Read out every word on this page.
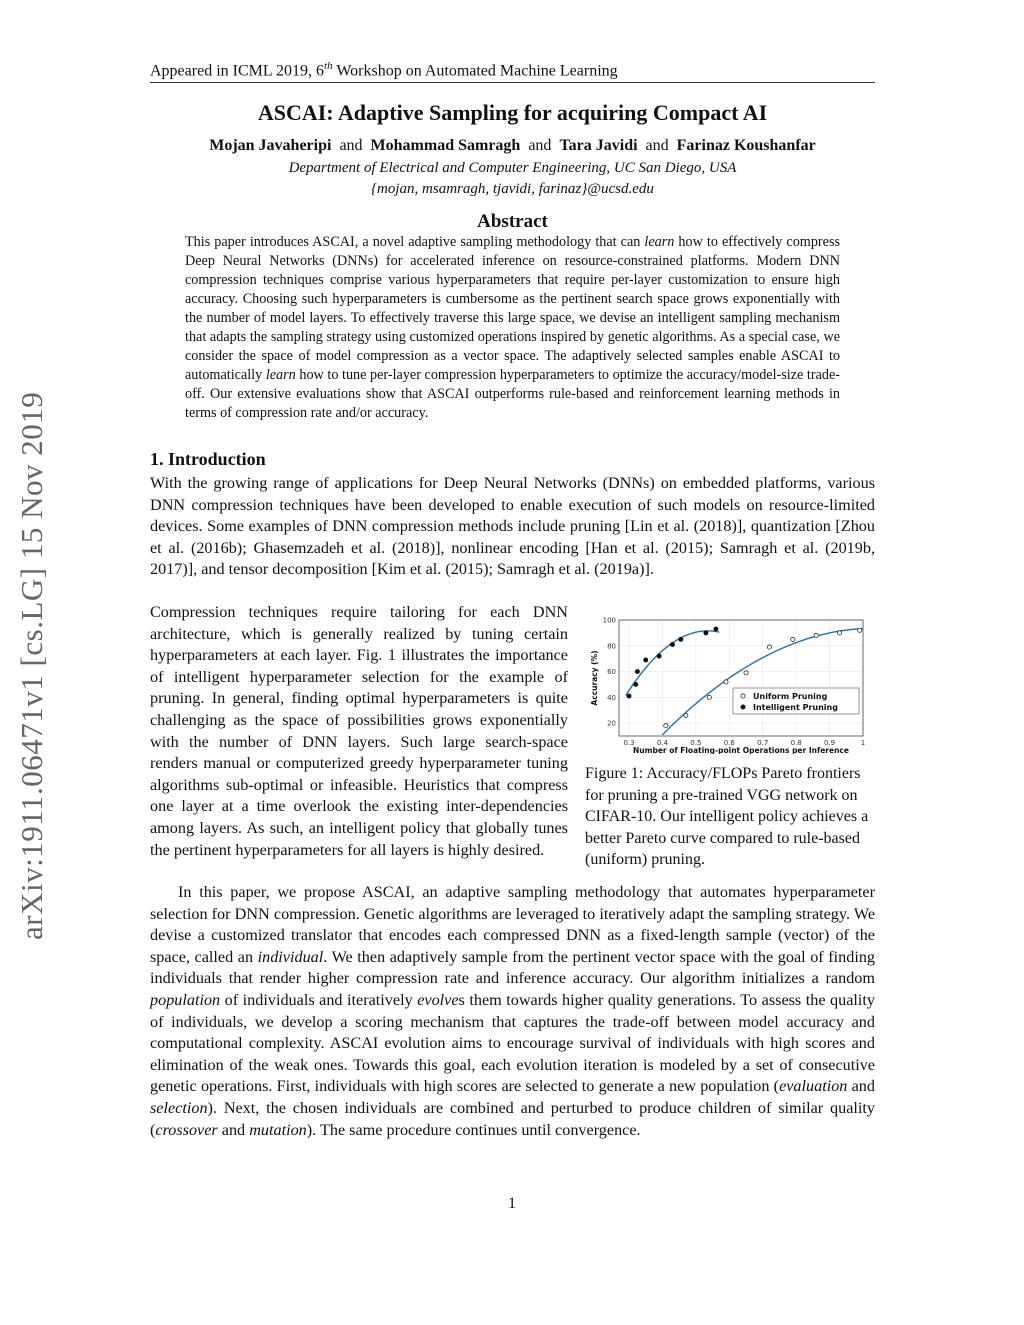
Appeared in ICML 2019, 6th Workshop on Automated Machine Learning
ASCAI: Adaptive Sampling for acquiring Compact AI
Mojan Javaheripi and Mohammad Samragh and Tara Javidi and Farinaz Koushanfar
Department of Electrical and Computer Engineering, UC San Diego, USA
{mojan, msamragh, tjavidi, farinaz}@ucsd.edu
Abstract
This paper introduces ASCAI, a novel adaptive sampling methodology that can learn how to effectively compress Deep Neural Networks (DNNs) for accelerated inference on resource-constrained platforms. Modern DNN compression techniques comprise various hyperparameters that require per-layer customization to ensure high accuracy. Choosing such hyperparameters is cumbersome as the pertinent search space grows exponentially with the number of model layers. To effectively traverse this large space, we devise an intelligent sampling mechanism that adapts the sampling strategy using customized operations inspired by genetic algorithms. As a special case, we consider the space of model compression as a vector space. The adaptively selected samples enable ASCAI to automatically learn how to tune per-layer compression hyperparameters to optimize the accuracy/model-size trade-off. Our extensive evaluations show that ASCAI outperforms rule-based and reinforcement learning methods in terms of compression rate and/or accuracy.
1. Introduction
With the growing range of applications for Deep Neural Networks (DNNs) on embedded platforms, various DNN compression techniques have been developed to enable execution of such models on resource-limited devices. Some examples of DNN compression methods include pruning [Lin et al. (2018)], quantization [Zhou et al. (2016b); Ghasemzadeh et al. (2018)], nonlinear encoding [Han et al. (2015); Samragh et al. (2019b, 2017)], and tensor decomposition [Kim et al. (2015); Samragh et al. (2019a)].
Compression techniques require tailoring for each DNN architecture, which is generally realized by tuning certain hyperparameters at each layer. Fig. 1 illustrates the importance of intelligent hyperparameter selection for the example of pruning. In general, finding optimal hyperparameters is quite challenging as the space of possibilities grows exponentially with the number of DNN layers. Such large search-space renders manual or computerized greedy hyperparameter tuning algorithms sub-optimal or infeasible. Heuristics that compress one layer at a time overlook the existing inter-dependencies among layers. As such, an intelligent policy that globally tunes the pertinent hyperparameters for all layers is highly desired.
0.3	0.4	0.5	0.6	0.7	0.8	0.9	1
20
40
60
80
100
Number of Floating-point Operations per Inference
Accuracy (%)	Uniform Pruning
Intelligent Pruning
Figure 1: Accuracy/FLOPs Pareto frontiers for pruning a pre-trained VGG network on CIFAR-10. Our intelligent policy achieves a better Pareto curve compared to rule-based (uniform) pruning.
In this paper, we propose ASCAI, an adaptive sampling methodology that automates hyperparameter selection for DNN compression. Genetic algorithms are leveraged to iteratively adapt the sampling strategy. We devise a customized translator that encodes each compressed DNN as a fixed-length sample (vector) of the space, called an individual. We then adaptively sample from the pertinent vector space with the goal of finding individuals that render higher compression rate and inference accuracy. Our algorithm initializes a random population of individuals and iteratively evolves them towards higher quality generations. To assess the quality of individuals, we develop a scoring mechanism that captures the trade-off between model accuracy and computational complexity. ASCAI evolution aims to encourage survival of individuals with high scores and elimination of the weak ones. Towards this goal, each evolution iteration is modeled by a set of consecutive genetic operations. First, individuals with high scores are selected to generate a new population (evaluation and selection). Next, the chosen individuals are combined and perturbed to produce children of similar quality (crossover and mutation). The same procedure continues until convergence.
arXiv:1911.06471v1 [cs.LG] 15 Nov 2019
1
